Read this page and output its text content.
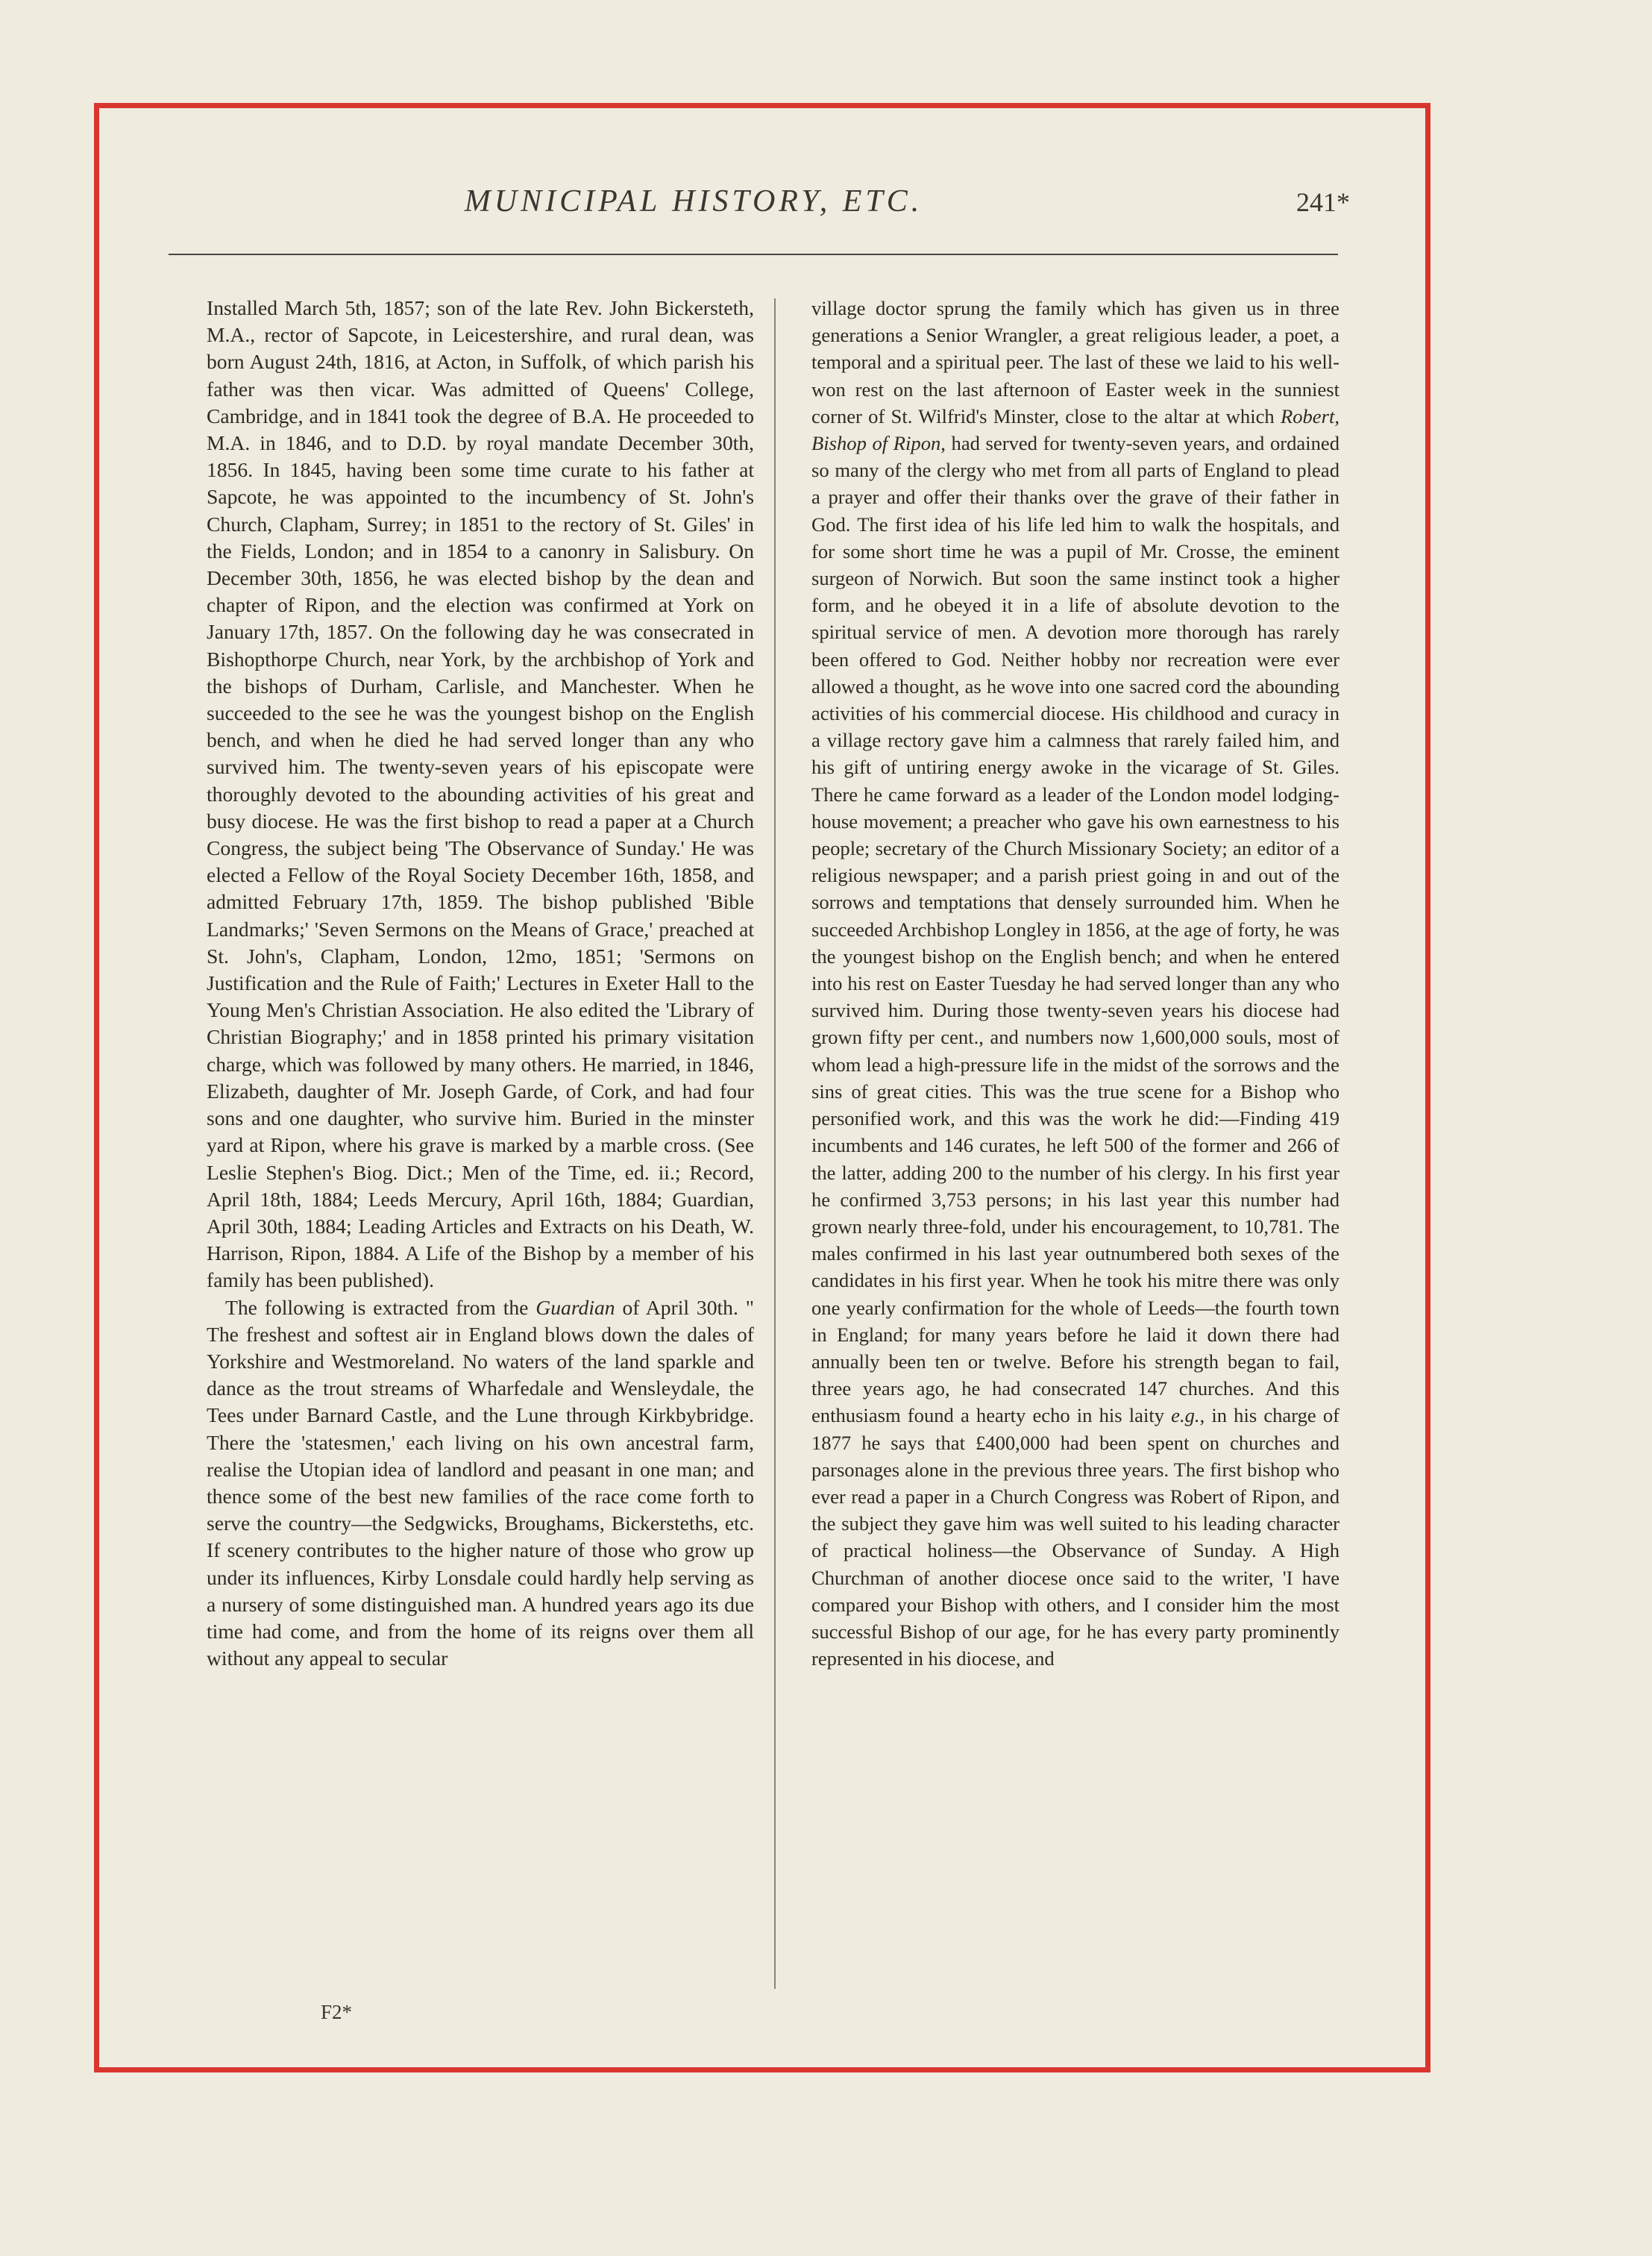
MUNICIPAL HISTORY, ETC.	241*

Installed March 5th, 1857; son of the late Rev. John Bickersteth, M.A., rector of Sapcote, in Leicestershire, and rural dean, was born August 24th, 1816, at Acton, in Suffolk, of which parish his father was then vicar. Was admitted of Queens' College, Cambridge, and in 1841 took the degree of B.A. He proceeded to M.A. in 1846, and to D.D. by royal mandate December 30th, 1856. In 1845, having been some time curate to his father at Sapcote, he was appointed to the incumbency of St. John's Church, Clapham, Surrey; in 1851 to the rectory of St. Giles' in the Fields, London; and in 1854 to a canonry in Salisbury. On December 30th, 1856, he was elected bishop by the dean and chapter of Ripon, and the election was confirmed at York on January 17th, 1857. On the following day he was consecrated in Bishopthorpe Church, near York, by the archbishop of York and the bishops of Durham, Carlisle, and Manchester. When he succeeded to the see he was the youngest bishop on the English bench, and when he died he had served longer than any who survived him. The twenty-seven years of his episcopate were thoroughly devoted to the abounding activities of his great and busy diocese. He was the first bishop to read a paper at a Church Congress, the subject being 'The Observance of Sunday.' He was elected a Fellow of the Royal Society December 16th, 1858, and admitted February 17th, 1859. The bishop published 'Bible Landmarks;' 'Seven Sermons on the Means of Grace,' preached at St. John's, Clapham, London, 12mo, 1851; 'Sermons on Justification and the Rule of Faith;' Lectures in Exeter Hall to the Young Men's Christian Association. He also edited the 'Library of Christian Biography;' and in 1858 printed his primary visitation charge, which was followed by many others. He married, in 1846, Elizabeth, daughter of Mr. Joseph Garde, of Cork, and had four sons and one daughter, who survive him. Buried in the minster yard at Ripon, where his grave is marked by a marble cross. (See Leslie Stephen's Biog. Dict.; Men of the Time, ed. ii.; Record, April 18th, 1884; Leeds Mercury, April 16th, 1884; Guardian, April 30th, 1884; Leading Articles and Extracts on his Death, W. Harrison, Ripon, 1884. A Life of the Bishop by a member of his family has been published).

The following is extracted from the Guardian of April 30th. " The freshest and softest air in England blows down the dales of Yorkshire and Westmoreland. No waters of the land sparkle and dance as the trout streams of Wharfedale and Wensleydale, the Tees under Barnard Castle, and the Lune through Kirkbybridge. There the 'statesmen,' each living on his own ancestral farm, realise the Utopian idea of landlord and peasant in one man; and thence some of the best new families of the race come forth to serve the country—the Sedgwicks, Broughams, Bickersteths, etc. If scenery contributes to the higher nature of those who grow up under its influences, Kirby Lonsdale could hardly help serving as a nursery of some distinguished man. A hundred years ago its due time had come, and from the home of its reigns over them all without any appeal to secular

village doctor sprung the family which has given us in three generations a Senior Wrangler, a great religious leader, a poet, a temporal and a spiritual peer. The last of these we laid to his well-won rest on the last afternoon of Easter week in the sunniest corner of St. Wilfrid's Minster, close to the altar at which Robert, Bishop of Ripon, had served for twenty-seven years, and ordained so many of the clergy who met from all parts of England to plead a prayer and offer their thanks over the grave of their father in God. The first idea of his life led him to walk the hospitals, and for some short time he was a pupil of Mr. Crosse, the eminent surgeon of Norwich. But soon the same instinct took a higher form, and he obeyed it in a life of absolute devotion to the spiritual service of men. A devotion more thorough has rarely been offered to God. Neither hobby nor recreation were ever allowed a thought, as he wove into one sacred cord the abounding activities of his commercial diocese. His childhood and curacy in a village rectory gave him a calmness that rarely failed him, and his gift of untiring energy awoke in the vicarage of St. Giles. There he came forward as a leader of the London model lodging-house movement; a preacher who gave his own earnestness to his people; secretary of the Church Missionary Society; an editor of a religious newspaper; and a parish priest going in and out of the sorrows and temptations that densely surrounded him. When he succeeded Archbishop Longley in 1856, at the age of forty, he was the youngest bishop on the English bench; and when he entered into his rest on Easter Tuesday he had served longer than any who survived him. During those twenty-seven years his diocese had grown fifty per cent., and numbers now 1,600,000 souls, most of whom lead a high-pressure life in the midst of the sorrows and the sins of great cities. This was the true scene for a Bishop who personified work, and this was the work he did:—Finding 419 incumbents and 146 curates, he left 500 of the former and 266 of the latter, adding 200 to the number of his clergy. In his first year he confirmed 3,753 persons; in his last year this number had grown nearly three-fold, under his encouragement, to 10,781. The males confirmed in his last year outnumbered both sexes of the candidates in his first year. When he took his mitre there was only one yearly confirmation for the whole of Leeds—the fourth town in England; for many years before he laid it down there had annually been ten or twelve. Before his strength began to fail, three years ago, he had consecrated 147 churches. And this enthusiasm found a hearty echo in his laity e.g., in his charge of 1877 he says that £400,000 had been spent on churches and parsonages alone in the previous three years. The first bishop who ever read a paper in a Church Congress was Robert of Ripon, and the subject they gave him was well suited to his leading character of practical holiness—the Observance of Sunday. A High Churchman of another diocese once said to the writer, 'I have compared your Bishop with others, and I consider him the most successful Bishop of our age, for he has every party prominently represented in his diocese, and

F2*
